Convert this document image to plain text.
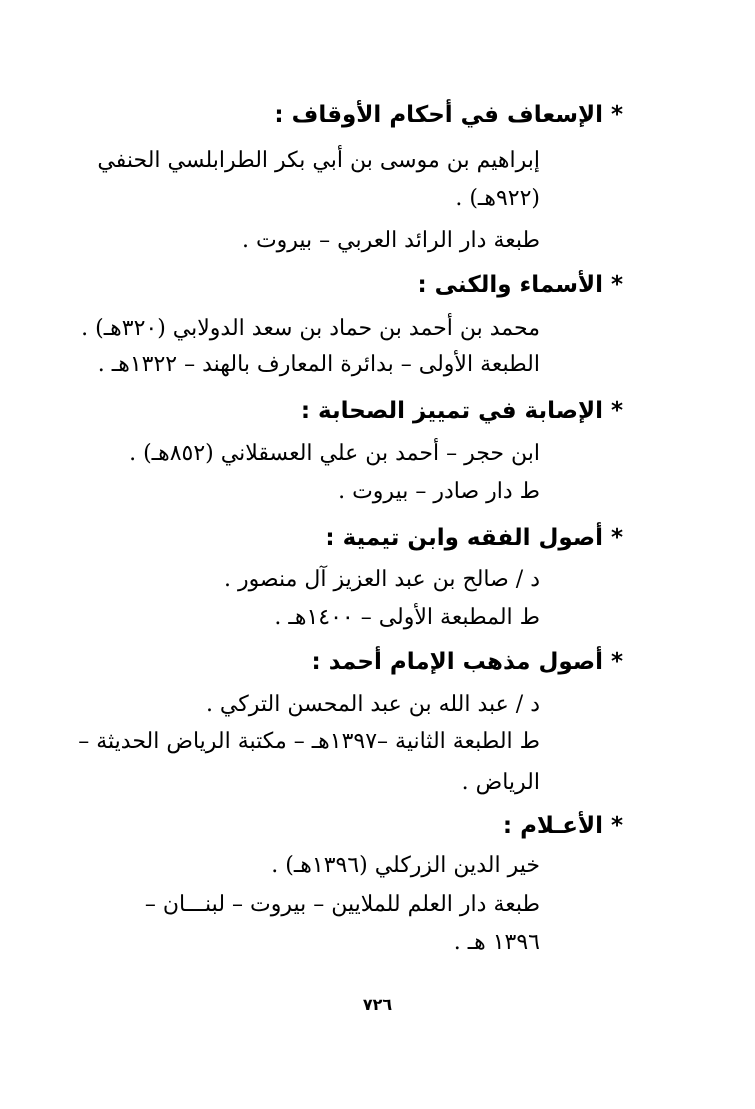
*الإسعاف في أحكام الأوقاف :
إبراهيم بن موسى بن أبي بكر الطرابلسي الحنفي
(٩٢٢هـ) .
طبعة دار الرائد العربي – بيروت .
*الأسماء والكنى :
محمد بن أحمد بن حماد بن سعد الدولابي (٣٢٠هـ) .
الطبعة الأولى – بدائرة المعارف بالهند – ١٣٢٢هـ .
*الإصابة في تمييز الصحابة :
ابن حجر – أحمد بن علي العسقلاني (٨٥٢هـ) .
ط دار صادر – بيروت .
*أصول الفقه وابن تيمية :
د / صالح بن عبد العزيز آل منصور .
ط المطبعة الأولى – ١٤٠٠هـ .
*أصول مذهب الإمام أحمد :
د / عبد الله بن عبد المحسن التركي .
ط الطبعة الثانية –١٣٩٧هـ – مكتبة الرياض الحديثة –
الرياض .
*الأعـلام :
خير الدين الزركلي (١٣٩٦هـ) .
طبعة دار العلم للملايين – بيروت – لبنـــان –
١٣٩٦ هـ .
٧٢٦
